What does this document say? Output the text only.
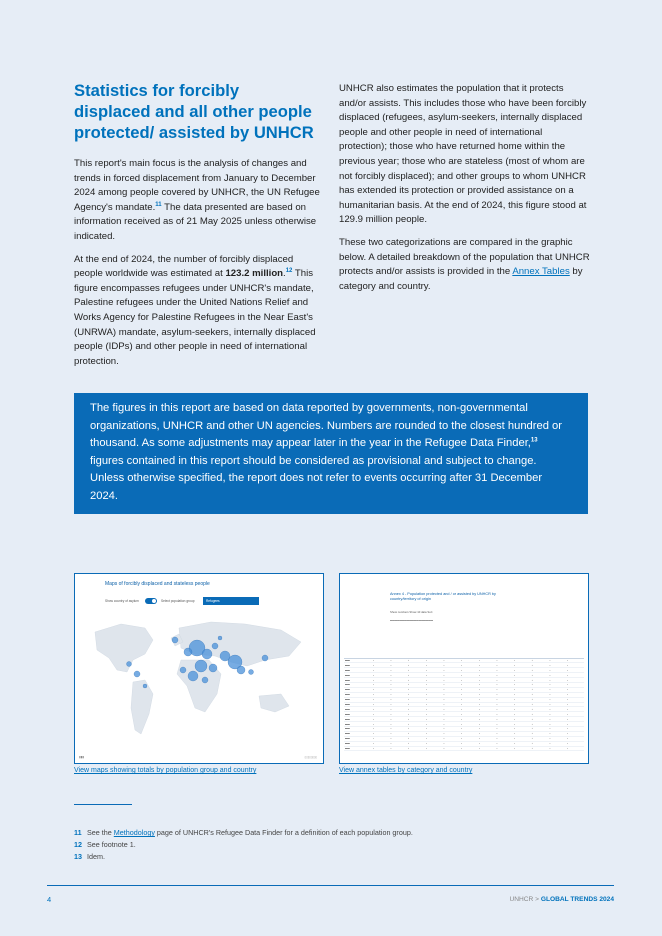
Statistics for forcibly displaced and all other people protected/ assisted by UNHCR

This report's main focus is the analysis of changes and trends in forced displacement from January to December 2024 among people covered by UNHCR, the UN Refugee Agency's mandate.$^{11}$ The data presented are based on information received as of 21 May 2025 unless otherwise indicated.

At the end of 2024, the number of forcibly displaced people worldwide was estimated at 123.2 million.$^{12}$ This figure encompasses refugees under UNHCR's mandate, Palestine refugees under the United Nations Relief and Works Agency for Palestine Refugees in the Near East's (UNRWA) mandate, asylum-seekers, internally displaced people (IDPs) and other people in need of international protection.

UNHCR also estimates the population that it protects and/or assists. This includes those who have been forcibly displaced (refugees, asylum-seekers, internally displaced people and other people in need of international protection); those who have returned home within the previous year; those who are stateless (most of whom are not forcibly displaced); and other groups to whom UNHCR has extended its protection or provided assistance on a humanitarian basis. At the end of 2024, this figure stood at 129.9 million people.

These two categorizations are compared in the graphic below. A detailed breakdown of the population that UNHCR protects and/or assists is provided in the Annex Tables by category and country.

The figures in this report are based on data reported by governments, non-governmental organizations, UNHCR and other UN agencies. Numbers are rounded to the closest hundred or thousand. As some adjustments may appear later in the year in the Refugee Data Finder,$^{13}$ figures contained in this report should be considered as provisional and subject to change. Unless otherwise specified, the report does not refer to events occurring after 31 December 2024.
Maps of forcibly displaced and stateless people
Show country of asylum	Select population group	Refugees
▮▮▮	▯▯▯▯▯▯▯▯
View maps showing totals by population group and country
Annex 4 - Population protected and / or assisted by UNHCR by country/territory of origin
Show numbers Show 10 data Sort
▬▬▬▬▬▬▬▬▬▬▬▬▬▬▬▬▬▬

▬▬	▪	▪	▪	▪	▪	▪	▪	▪	▪	▪	▪	▪
▬▬	▪	▪	▪	▪	▪	▪	▪	▪	▪	▪	▪	▪
▬▬	▪	▪	▪	▪	▪	▪	▪	▪	▪	▪	▪	▪
▬▬	▪	▪	▪	▪	▪	▪	▪	▪	▪	▪	▪	▪
▬▬	▪	▪	▪	▪	▪	▪	▪	▪	▪	▪	▪	▪
▬▬	▪	▪	▪	▪	▪	▪	▪	▪	▪	▪	▪	▪
▬▬	▪	▪	▪	▪	▪	▪	▪	▪	▪	▪	▪	▪
▬▬	▪	▪	▪	▪	▪	▪	▪	▪	▪	▪	▪	▪
▬▬	▪	▪	▪	▪	▪	▪	▪	▪	▪	▪	▪	▪
▬▬	▪	▪	▪	▪	▪	▪	▪	▪	▪	▪	▪	▪
▬▬	▪	▪	▪	▪	▪	▪	▪	▪	▪	▪	▪	▪
▬▬	▪	▪	▪	▪	▪	▪	▪	▪	▪	▪	▪	▪
▬▬	▪	▪	▪	▪	▪	▪	▪	▪	▪	▪	▪	▪
▬▬	▪	▪	▪	▪	▪	▪	▪	▪	▪	▪	▪	▪
▬▬	▪	▪	▪	▪	▪	▪	▪	▪	▪	▪	▪	▪
▬▬	▪	▪	▪	▪	▪	▪	▪	▪	▪	▪	▪	▪
▬▬	▪	▪	▪	▪	▪	▪	▪	▪	▪	▪	▪	▪
▬▬	▪	▪	▪	▪	▪	▪	▪	▪	▪	▪	▪	▪
▬▬	▪	▪	▪	▪	▪	▪	▪	▪	▪	▪	▪	▪
View annex tables by category and country
11 See the Methodology page of UNHCR's Refugee Data Finder for a definition of each population group.
12 See footnote 1.
13 Idem.
4	UNHCR > GLOBAL TRENDS 2024
